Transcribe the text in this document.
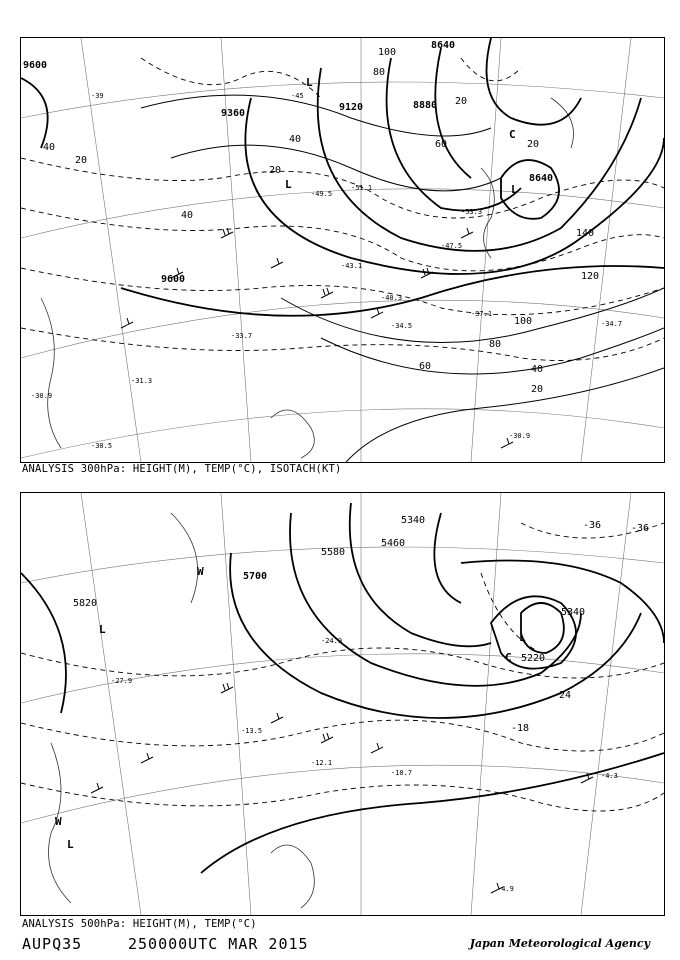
9600
9360
9120	8880
8640
8640
9600
20
40
40
20
40
80
100
20
60	20
140
120
100
80
40
60
20
-39	-45
-49.5
-51.1
-53.3
-47.5
-43.1
-40.3
-37.1
-34.5
-33.7
-31.3
-30.9
-30.5
-34.7
-30.9
L	L
L
C
ANALYSIS 300hPa: HEIGHT(M), TEMP(°C), ISOTACH(KT)
5820
5700
5580
5460
5340
5220
5340
-36	-36
-24
-18
-27.9
-24.9
-13.5
-12.1
-10.7	-4.3
-4.9
L
L
L
W
W
C
ANALYSIS 500hPa: HEIGHT(M), TEMP(°C)
AUPQ35	250000UTC MAR 2015	Japan Meteorological Agency
